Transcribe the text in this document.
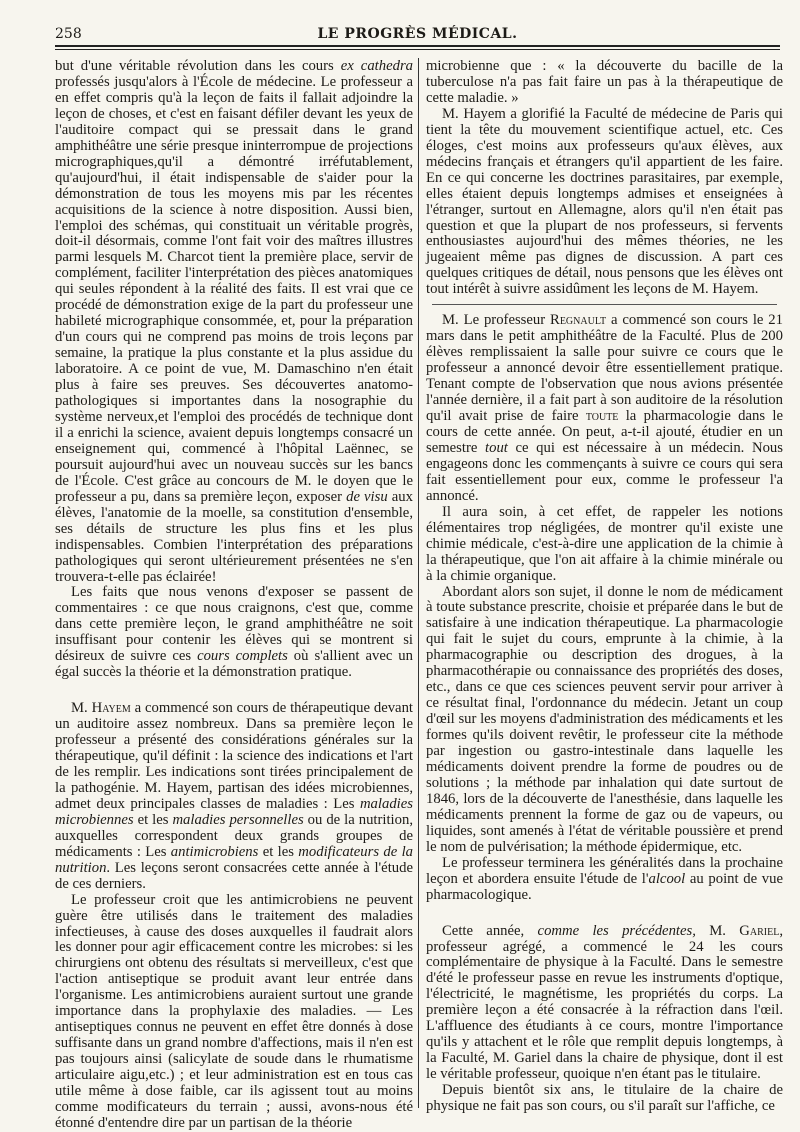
258	LE PROGRÈS MÉDICAL.

but d'une véritable révolution dans les cours ex cathedra professés jusqu'alors à l'École de médecine. Le professeur a en effet compris qu'à la leçon de faits il fallait adjoindre la leçon de choses, et c'est en faisant défiler devant les yeux de l'auditoire compact qui se pressait dans le grand amphithéâtre une série presque ininterrompue de projections micrographiques,qu'il a démontré irréfutablement, qu'aujourd'hui, il était indispensable de s'aider pour la démonstration de tous les moyens mis par les récentes acquisitions de la science à notre disposition. Aussi bien, l'emploi des schémas, qui constituait un véritable progrès, doit-il désormais, comme l'ont fait voir des maîtres illustres parmi lesquels M. Charcot tient la première place, servir de complément, faciliter l'interprétation des pièces anatomiques qui seules répondent à la réalité des faits. Il est vrai que ce procédé de démonstration exige de la part du professeur une habileté micrographique consommée, et, pour la préparation d'un cours qui ne comprend pas moins de trois leçons par semaine, la pratique la plus constante et la plus assidue du laboratoire. A ce point de vue, M. Damaschino n'en était plus à faire ses preuves. Ses découvertes anatomo-pathologiques si importantes dans la nosographie du système nerveux,et l'emploi des procédés de technique dont il a enrichi la science, avaient depuis longtemps consacré un enseignement qui, commencé à l'hôpital Laënnec, se poursuit aujourd'hui avec un nouveau succès sur les bancs de l'École. C'est grâce au concours de M. le doyen que le professeur a pu, dans sa première leçon, exposer de visu aux élèves, l'anatomie de la moelle, sa constitution d'ensemble, ses détails de structure les plus fins et les plus indispensables. Combien l'interprétation des préparations pathologiques qui seront ultérieurement présentées ne s'en trouvera-t-elle pas éclairée!

Les faits que nous venons d'exposer se passent de commentaires : ce que nous craignons, c'est que, comme dans cette première leçon, le grand amphithéâtre ne soit insuffisant pour contenir les élèves qui se montrent si désireux de suivre ces cours complets où s'allient avec un égal succès la théorie et la démonstration pratique.

M. Hayem a commencé son cours de thérapeutique devant un auditoire assez nombreux. Dans sa première leçon le professeur a présenté des considérations générales sur la thérapeutique, qu'il définit : la science des indications et l'art de les remplir. Les indications sont tirées principalement de la pathogénie. M. Hayem, partisan des idées microbiennes, admet deux principales classes de maladies : Les maladies microbiennes et les maladies personnelles ou de la nutrition, auxquelles correspondent deux grands groupes de médicaments : Les antimicrobiens et les modificateurs de la nutrition. Les leçons seront consacrées cette année à l'étude de ces derniers.

Le professeur croit que les antimicrobiens ne peuvent guère être utilisés dans le traitement des maladies infectieuses, à cause des doses auxquelles il faudrait alors les donner pour agir efficacement contre les microbes: si les chirurgiens ont obtenu des résultats si merveilleux, c'est que l'action antiseptique se produit avant leur entrée dans l'organisme. Les antimicrobiens auraient surtout une grande importance dans la prophylaxie des maladies. — Les antiseptiques connus ne peuvent en effet être donnés à dose suffisante dans un grand nombre d'affections, mais il n'en est pas toujours ainsi (salicylate de soude dans le rhumatisme articulaire aigu,etc.) ; et leur administration est en tous cas utile même à dose faible, car ils agissent tout au moins comme modificateurs du terrain ; aussi, avons-nous été étonné d'entendre dire par un partisan de la théorie

microbienne que : « la découverte du bacille de la tuberculose n'a pas fait faire un pas à la thérapeutique de cette maladie. »

M. Hayem a glorifié la Faculté de médecine de Paris qui tient la tête du mouvement scientifique actuel, etc. Ces éloges, c'est moins aux professeurs qu'aux élèves, aux médecins français et étrangers qu'il appartient de les faire. En ce qui concerne les doctrines parasitaires, par exemple, elles étaient depuis longtemps admises et enseignées à l'étranger, surtout en Allemagne, alors qu'il n'en était pas question et que la plupart de nos professeurs, si fervents enthousiastes aujourd'hui des mêmes théories, ne les jugeaient même pas dignes de discussion. A part ces quelques critiques de détail, nous pensons que les élèves ont tout intérêt à suivre assidûment les leçons de M. Hayem.

M. Le professeur Regnault a commencé son cours le 21 mars dans le petit amphithéâtre de la Faculté. Plus de 200 élèves remplissaient la salle pour suivre ce cours que le professeur a annoncé devoir être essentiellement pratique. Tenant compte de l'observation que nous avions présentée l'année dernière, il a fait part à son auditoire de la résolution qu'il avait prise de faire toute la pharmacologie dans le cours de cette année. On peut, a-t-il ajouté, étudier en un semestre tout ce qui est nécessaire à un médecin. Nous engageons donc les commençants à suivre ce cours qui sera fait essentiellement pour eux, comme le professeur l'a annoncé.

Il aura soin, à cet effet, de rappeler les notions élémentaires trop négligées, de montrer qu'il existe une chimie médicale, c'est-à-dire une application de la chimie à la thérapeutique, que l'on ait affaire à la chimie minérale ou à la chimie organique.

Abordant alors son sujet, il donne le nom de médicament à toute substance prescrite, choisie et préparée dans le but de satisfaire à une indication thérapeutique. La pharmacologie qui fait le sujet du cours, emprunte à la chimie, à la pharmacographie ou description des drogues, à la pharmacothérapie ou connaissance des propriétés des doses, etc., dans ce que ces sciences peuvent servir pour arriver à ce résultat final, l'ordonnance du médecin. Jetant un coup d'œil sur les moyens d'administration des médicaments et les formes qu'ils doivent revêtir, le professeur cite la méthode par ingestion ou gastro-intestinale dans laquelle les médicaments doivent prendre la forme de poudres ou de solutions ; la méthode par inhalation qui date surtout de 1846, lors de la découverte de l'anesthésie, dans laquelle les médicaments prennent la forme de gaz ou de vapeurs, ou liquides, sont amenés à l'état de véritable poussière et prend le nom de pulvérisation; la méthode épidermique, etc.

Le professeur terminera les généralités dans la prochaine leçon et abordera ensuite l'étude de l'alcool au point de vue pharmacologique.

Cette année, comme les précédentes, M. Gariel, professeur agrégé, a commencé le 24 les cours complémentaire de physique à la Faculté. Dans le semestre d'été le professeur passe en revue les instruments d'optique, l'électricité, le magnétisme, les propriétés du corps. La première leçon a été consacrée à la réfraction dans l'œil. L'affluence des étudiants à ce cours, montre l'importance qu'ils y attachent et le rôle que remplit depuis longtemps, à la Faculté, M. Gariel dans la chaire de physique, dont il est le véritable professeur, quoique n'en étant pas le titulaire.

Depuis bientôt six ans, le titulaire de la chaire de physique ne fait pas son cours, ou s'il paraît sur l'affiche, ce
